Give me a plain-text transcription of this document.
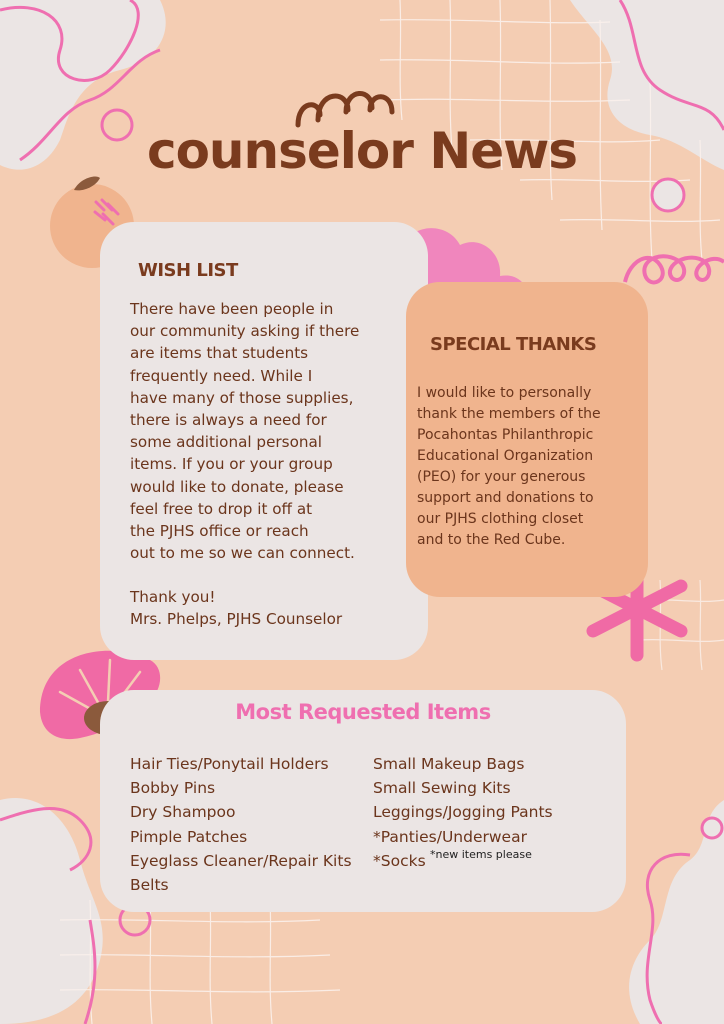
counselor News
WISH LIST

There have been people in
our community asking if there
are items that students
frequently need. While I
have many of those supplies,
there is always a need for
some additional personal
items. If you or your group
would like to donate, please
feel free to drop it off at
the PJHS office or reach
out to me so we can connect.

Thank you!
Mrs. Phelps, PJHS Counselor

SPECIAL THANKS

I would like to personally
thank the members of the
Pocahontas Philanthropic
Educational Organization
(PEO) for your generous
support and donations to
our PJHS clothing closet
and to the Red Cube.

Most Requested Items
Hair Ties/Ponytail Holders
Bobby Pins
Dry Shampoo
Pimple Patches
Eyeglass Cleaner/Repair Kits
Belts
Small Makeup Bags
Small Sewing Kits
Leggings/Jogging Pants
*Panties/Underwear
*Socks *new items please
